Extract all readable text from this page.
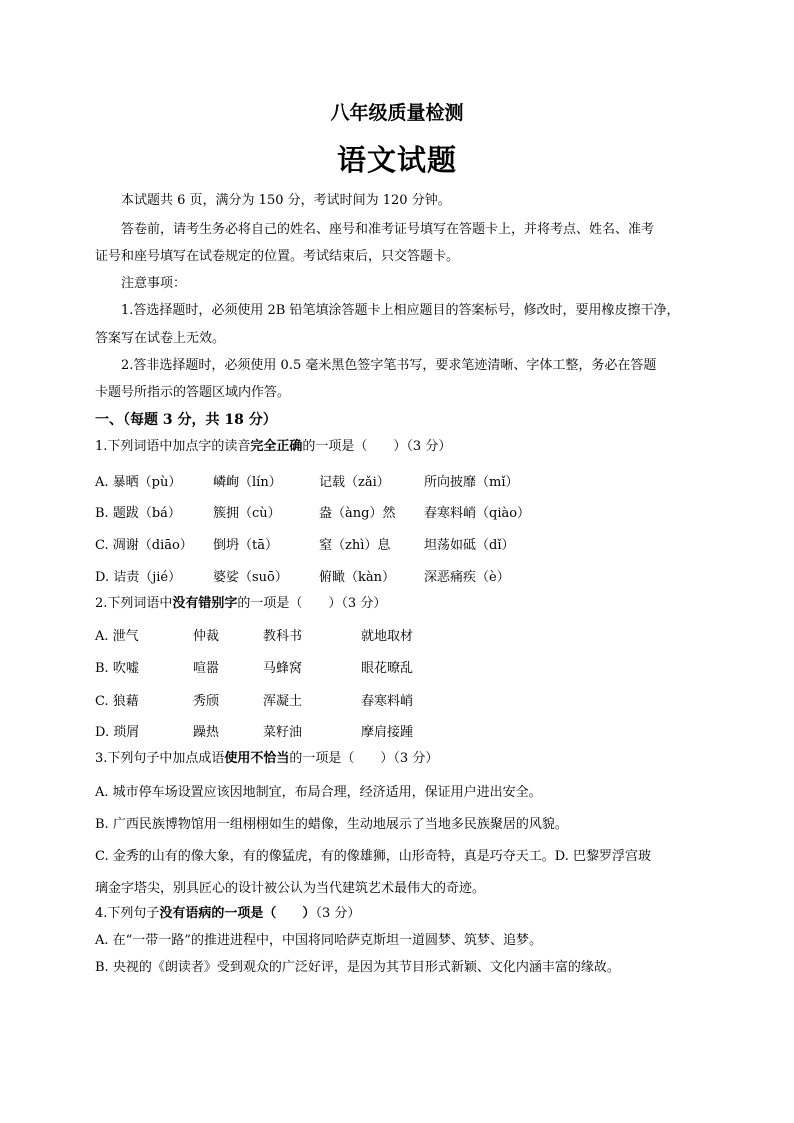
八年级质量检测
语文试题
本试题共 6 页，满分为 150 分，考试时间为 120 分钟。
答卷前，请考生务必将自己的姓名、座号和准考证号填写在答题卡上，并将考点、姓名、准考
证号和座号填写在试卷规定的位置。考试结束后，只交答题卡。
注意事项：
1.答选择题时，必须使用 2B 铅笔填涂答题卡上相应题目的答案标号，修改时，要用橡皮擦干净，
答案写在试卷上无效。
2.答非选择题时，必须使用 0.5 毫米黑色签字笔书写，要求笔迹清晰、字体工整，务必在答题
卡题号所指示的答题区域内作答。
一、（每题 3 分，共 18 分）
1.下列词语中加点字的读音完全正确的一项是（　　）（3 分）
A. 暴晒（pù） 嶙峋（lín）	记载（zǎi）	所向披靡（mǐ）
B. 题跋（bá） 簇拥（cù）	盎（àng）然 春寒料峭（qiào）
C. 凋谢（diāo） 倒坍（tā）	窒（zhì）息	坦荡如砥（dǐ）
D. 诘责（jié） 婆娑（suō） 俯瞰（kàn） 深恶痛疾（è）
2.下列词语中没有错别字的一项是（　　）（3 分）
A. 泄气	仲裁	教科书	就地取材
B. 吹嘘	喧嚣	马蜂窝	眼花暸乱
C. 狼藉	秀颀	浑凝土	春寒料峭
D. 琐屑	躁热	菜籽油	摩肩接踵
3.下列句子中加点成语使用不恰当的一项是（　　）（3 分）
A. 城市停车场设置应该因地制宜，布局合理，经济适用，保证用户进出安全。
B. 广西民族博物馆用一组栩栩如生的蜡像，生动地展示了当地多民族聚居的风貌。
C. 金秀的山有的像大象，有的像猛虎，有的像雄狮，山形奇特，真是巧夺天工。D. 巴黎罗浮宫玻
璃金字塔尖，别具匠心的设计被公认为当代建筑艺术最伟大的奇迹。
4.下列句子没有语病的一项是（　　）（3 分）
A. 在“一带一路”的推进进程中，中国将同哈萨克斯坦一道圆梦、筑梦、追梦。
B. 央视的《朗读者》受到观众的广泛好评，是因为其节目形式新颖、文化内涵丰富的缘故。
